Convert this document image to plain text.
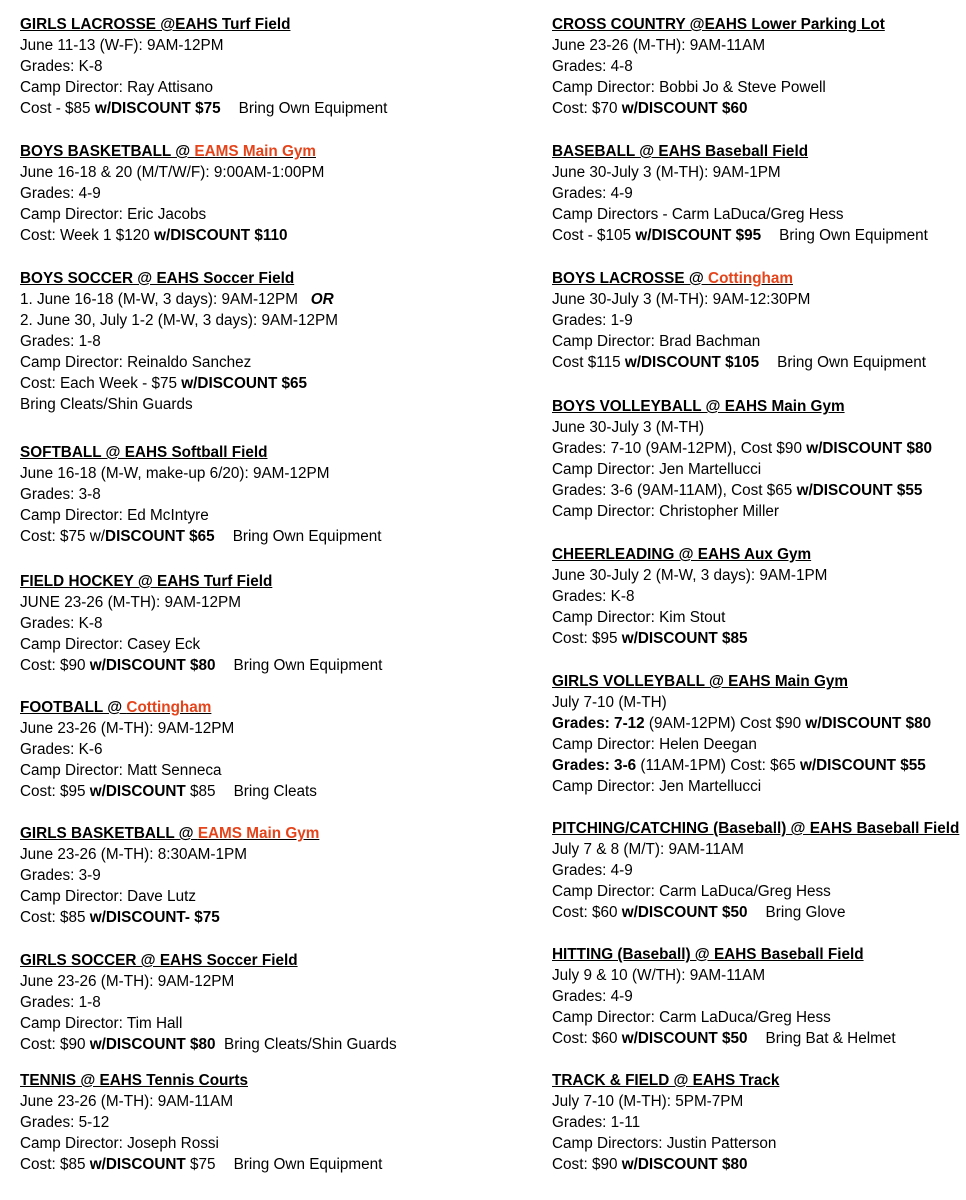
GIRLS LACROSSE @EAHS Turf Field
June 11-13 (W-F): 9AM-12PM
Grades: K-8
Camp Director: Ray Attisano
Cost - $85 w/DISCOUNT $75 Bring Own Equipment
BOYS BASKETBALL @ EAMS Main Gym
June 16-18 & 20 (M/T/W/F): 9:00AM-1:00PM
Grades: 4-9
Camp Director: Eric Jacobs
Cost: Week 1 $120 w/DISCOUNT $110
BOYS SOCCER @ EAHS Soccer Field
1. June 16-18 (M-W, 3 days): 9AM-12PM OR
2. June 30, July 1-2 (M-W, 3 days): 9AM-12PM
Grades: 1-8
Camp Director: Reinaldo Sanchez
Cost: Each Week - $75 w/DISCOUNT $65
Bring Cleats/Shin Guards
SOFTBALL @ EAHS Softball Field
June 16-18 (M-W, make-up 6/20): 9AM-12PM
Grades: 3-8
Camp Director: Ed McIntyre
Cost: $75 w/DISCOUNT $65 Bring Own Equipment
FIELD HOCKEY @ EAHS Turf Field
JUNE 23-26 (M-TH): 9AM-12PM
Grades: K-8
Camp Director: Casey Eck
Cost: $90 w/DISCOUNT $80 Bring Own Equipment
FOOTBALL @ Cottingham
June 23-26 (M-TH): 9AM-12PM
Grades: K-6
Camp Director: Matt Senneca
Cost: $95 w/DISCOUNT $85 Bring Cleats
GIRLS BASKETBALL @ EAMS Main Gym
June 23-26 (M-TH): 8:30AM-1PM
Grades: 3-9
Camp Director: Dave Lutz
Cost: $85 w/DISCOUNT- $75
GIRLS SOCCER @ EAHS Soccer Field
June 23-26 (M-TH): 9AM-12PM
Grades: 1-8
Camp Director: Tim Hall
Cost: $90 w/DISCOUNT $80 Bring Cleats/Shin Guards
TENNIS @ EAHS Tennis Courts
June 23-26 (M-TH): 9AM-11AM
Grades: 5-12
Camp Director: Joseph Rossi
Cost: $85 w/DISCOUNT $75 Bring Own Equipment
CROSS COUNTRY @EAHS Lower Parking Lot
June 23-26 (M-TH): 9AM-11AM
Grades: 4-8
Camp Director: Bobbi Jo & Steve Powell
Cost: $70 w/DISCOUNT $60
BASEBALL @ EAHS Baseball Field
June 30-July 3 (M-TH): 9AM-1PM
Grades: 4-9
Camp Directors - Carm LaDuca/Greg Hess
Cost - $105 w/DISCOUNT $95 Bring Own Equipment
BOYS LACROSSE @ Cottingham
June 30-July 3 (M-TH): 9AM-12:30PM
Grades: 1-9
Camp Director: Brad Bachman
Cost $115 w/DISCOUNT $105 Bring Own Equipment
BOYS VOLLEYBALL @ EAHS Main Gym
June 30-July 3 (M-TH)
Grades: 7-10 (9AM-12PM), Cost $90 w/DISCOUNT $80
Camp Director: Jen Martellucci
Grades: 3-6 (9AM-11AM), Cost $65 w/DISCOUNT $55
Camp Director: Christopher Miller
CHEERLEADING @ EAHS Aux Gym
June 30-July 2 (M-W, 3 days): 9AM-1PM
Grades: K-8
Camp Director: Kim Stout
Cost: $95 w/DISCOUNT $85
GIRLS VOLLEYBALL @ EAHS Main Gym
July 7-10 (M-TH)
Grades: 7-12 (9AM-12PM) Cost $90 w/DISCOUNT $80
Camp Director: Helen Deegan
Grades: 3-6 (11AM-1PM) Cost: $65 w/DISCOUNT $55
Camp Director: Jen Martellucci
PITCHING/CATCHING (Baseball) @ EAHS Baseball Field
July 7 & 8 (M/T): 9AM-11AM
Grades: 4-9
Camp Director: Carm LaDuca/Greg Hess
Cost: $60 w/DISCOUNT $50 Bring Glove
HITTING (Baseball) @ EAHS Baseball Field
July 9 & 10 (W/TH): 9AM-11AM
Grades: 4-9
Camp Director: Carm LaDuca/Greg Hess
Cost: $60 w/DISCOUNT $50 Bring Bat & Helmet
TRACK & FIELD @ EAHS Track
July 7-10 (M-TH): 5PM-7PM
Grades: 1-11
Camp Directors: Justin Patterson
Cost: $90 w/DISCOUNT $80
